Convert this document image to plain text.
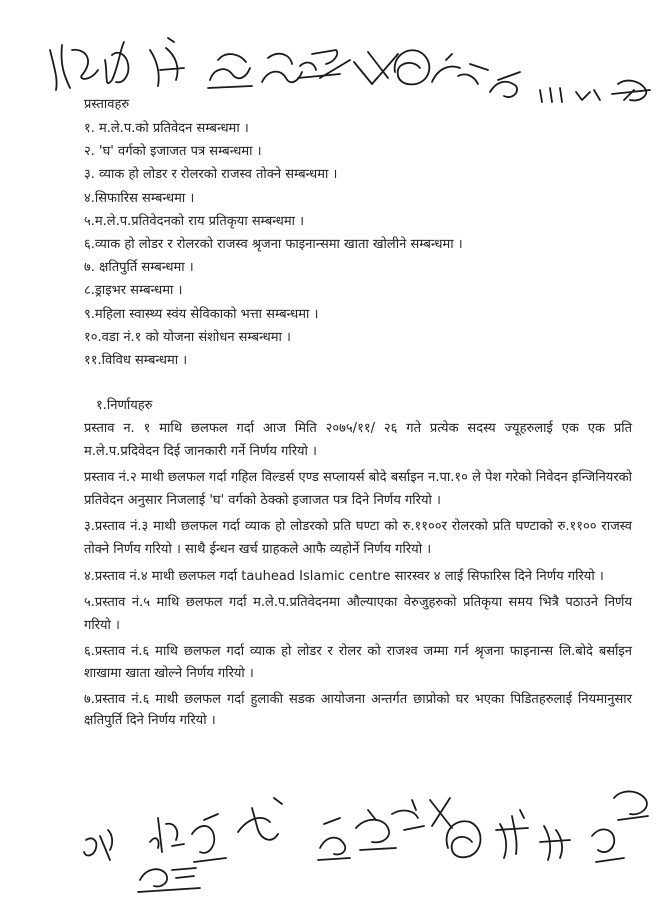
प्रस्तावहरु

१. म.ले.प.को प्रतिवेदन सम्बन्धमा ।
२. 'घ' वर्गको इजाजत पत्र सम्बन्धमा ।
३. व्याक हो लोडर र रोलरको राजस्व तोक्ने सम्बन्धमा ।
४.सिफारिस सम्बन्धमा ।
५.म.ले.प.प्रतिवेदनको राय प्रतिकृया सम्बन्धमा ।
६.व्याक हो लोडर र रोलरको राजस्व श्रृजना फाइनान्समा खाता खोलीने सम्बन्धमा ।
७. क्षतिपुर्ति सम्बन्धमा ।
८.ड्राइभर सम्बन्धमा ।
९.महिला स्वास्थ्य स्वंय सेविकाको भत्ता सम्बन्धमा ।
१०.वडा नं.१ को योजना संशोधन सम्बन्धमा ।
११.विविध सम्बन्धमा ।

१.निर्णायहरु

प्रस्ताव न. १ माथि छलफल गर्दा आज मिति २०७५/११/ २६ गते प्रत्येक सदस्य ज्यूहरुलाई एक एक प्रति म.ले.प.प्रदिवेदन दिई जानकारी गर्ने निर्णय गरियो ।

प्रस्ताव नं.२ माथी छलफल गर्दा गहिल विल्डर्स एण्ड सप्लायर्स बोदे बर्साइन न.पा.१० ले पेश गरेको निवेदन इन्जिनियरको प्रतिवेदन अनुसार निजलाई 'घ' वर्गको ठेक्को इजाजत पत्र दिने निर्णय गरियो ।

३.प्रस्ताव नं.३ माथी छलफल गर्दा व्याक हो लोडरको प्रति घण्टा को रु.११००र रोलरको प्रति घण्टाको रु.११०० राजस्व तोक्ने निर्णय गरियो । साथै ईन्धन खर्च ग्राहकले आफै व्यहोर्ने निर्णय गरियो ।

४.प्रस्ताव नं.४ माथी छलफल गर्दा tauhead Islamic centre सारस्वर ४ लाई सिफारिस दिने निर्णय गरियो ।

५.प्रस्ताव नं.५ माथि छलफल गर्दा म.ले.प.प्रतिवेदनमा औल्याएका वेरुजुहरुको प्रतिकृया समय भित्रै पठाउने निर्णय गरियो ।

६.प्रस्ताव नं.६ माथि छलफल गर्दा व्याक हो लोडर र रोलर को राजश्व जम्मा गर्न श्रृजना फाइनान्स लि.बोदे बर्साइन शाखामा खाता खोल्ने निर्णय गरियो ।

७.प्रस्ताव नं.६ माथी छलफल गर्दा हुलाकी सडक आयोजना अन्तर्गत छाप्रोको घर भएका पिडितहरुलाई नियमानुसार क्षतिपुर्ति दिने निर्णय गरियो ।
